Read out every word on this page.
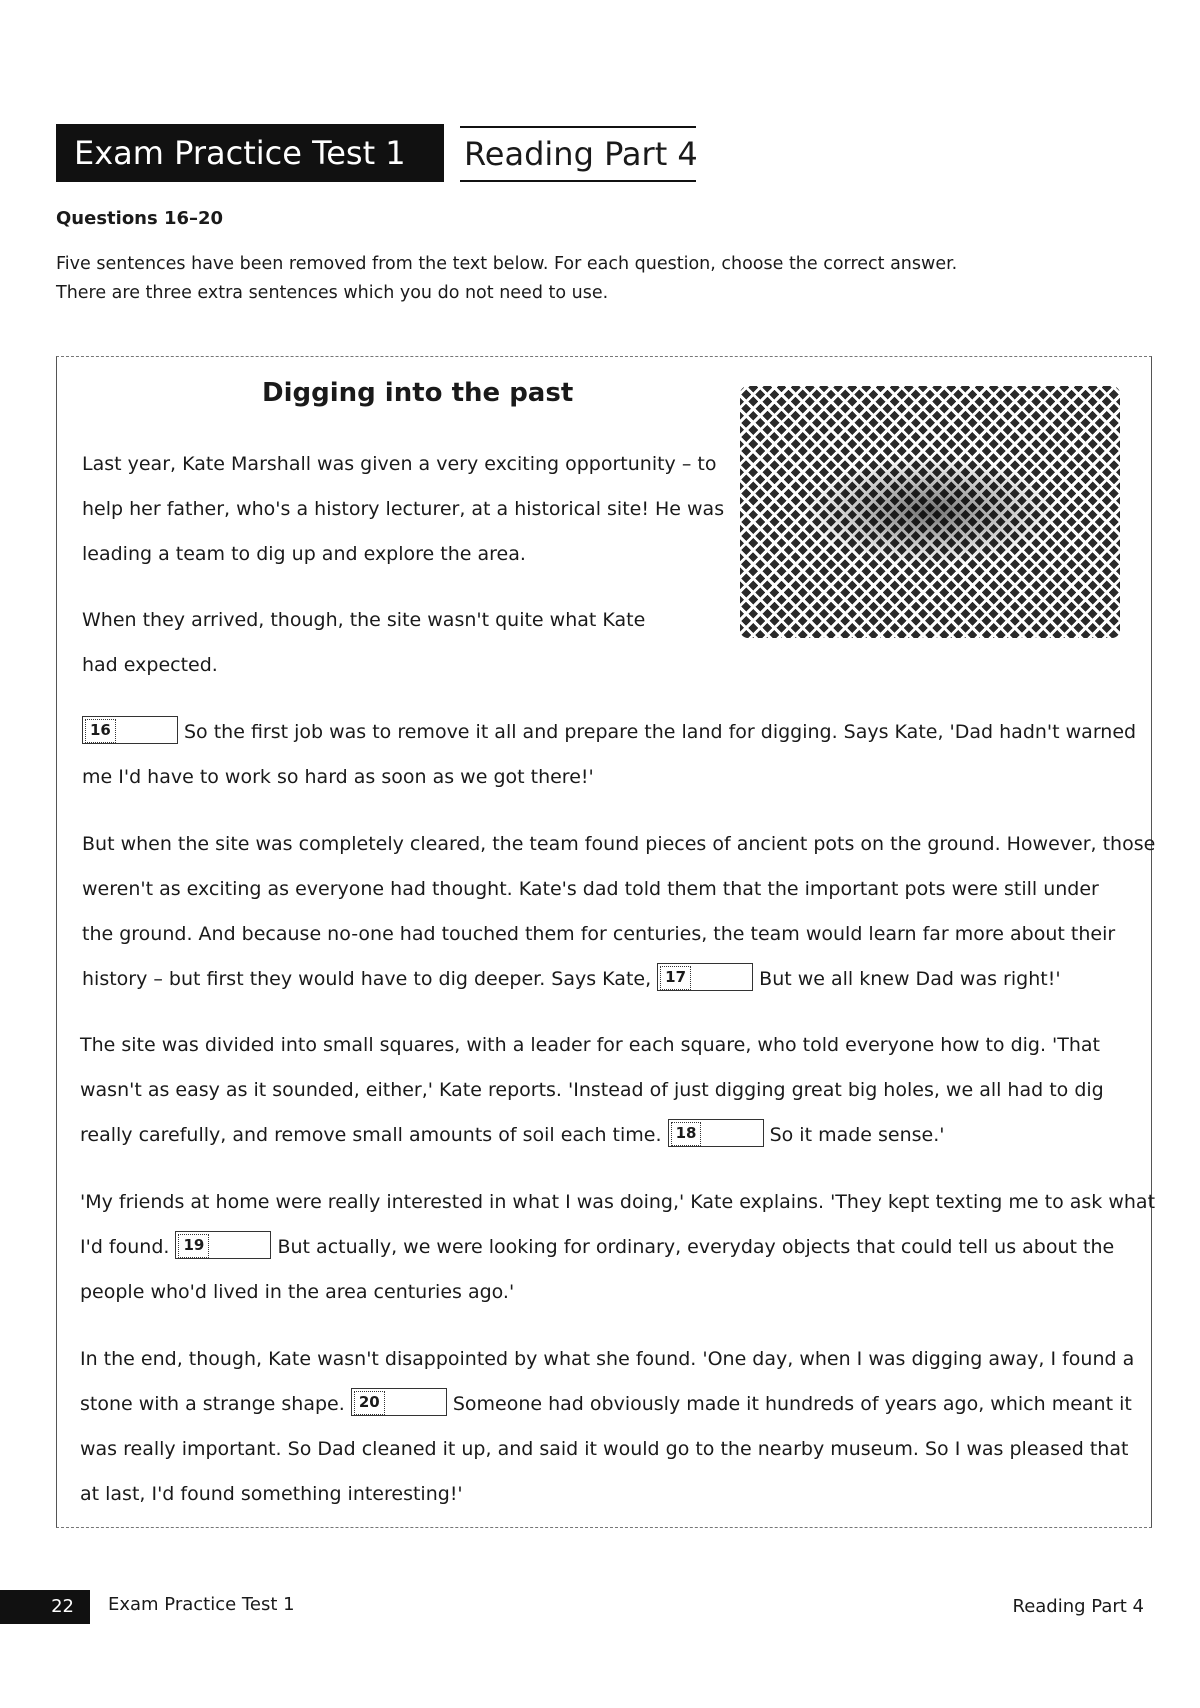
Exam Practice Test 1	Reading Part 4
Questions 16–20
Five sentences have been removed from the text below. For each question, choose the correct answer.
There are three extra sentences which you do not need to use.
Digging into the past
Last year, Kate Marshall was given a very exciting opportunity – to
help her father, who's a history lecturer, at a historical site! He was
leading a team to dig up and explore the area.
When they arrived, though, the site wasn't quite what Kate
had expected.
16	So the first job was to remove it all and prepare the land for digging. Says Kate, 'Dad hadn't warned
me I'd have to work so hard as soon as we got there!'
But when the site was completely cleared, the team found pieces of ancient pots on the ground. However, those
weren't as exciting as everyone had thought. Kate's dad told them that the important pots were still under
the ground. And because no-one had touched them for centuries, the team would learn far more about their
history – but first they would have to dig deeper. Says Kate, 17	But we all knew Dad was right!'
The site was divided into small squares, with a leader for each square, who told everyone how to dig. 'That
wasn't as easy as it sounded, either,' Kate reports. 'Instead of just digging great big holes, we all had to dig
really carefully, and remove small amounts of soil each time. 18	So it made sense.'
'My friends at home were really interested in what I was doing,' Kate explains. 'They kept texting me to ask what
I'd found. 19	But actually, we were looking for ordinary, everyday objects that could tell us about the
people who'd lived in the area centuries ago.'
In the end, though, Kate wasn't disappointed by what she found. 'One day, when I was digging away, I found a
stone with a strange shape. 20	Someone had obviously made it hundreds of years ago, which meant it
was really important. So Dad cleaned it up, and said it would go to the nearby museum. So I was pleased that
at last, I'd found something interesting!'
22	Exam Practice Test 1	Reading Part 4
